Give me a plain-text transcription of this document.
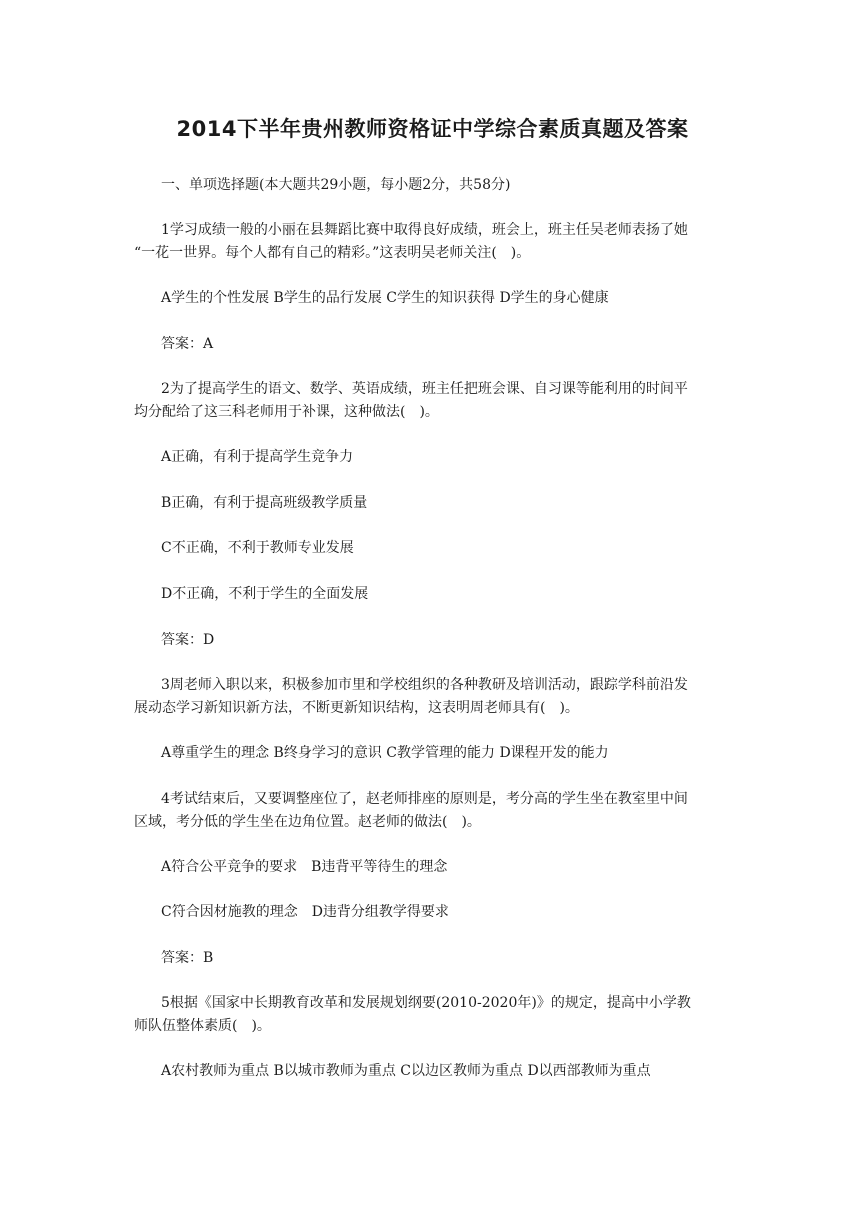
2014下半年贵州教师资格证中学综合素质真题及答案
一、单项选择题(本大题共29小题，每小题2分，共58分)
1学习成绩一般的小丽在县舞蹈比赛中取得良好成绩，班会上，班主任吴老师表扬了她
“一花一世界。每个人都有自己的精彩。”这表明吴老师关注(　)。
A学生的个性发展 B学生的品行发展 C学生的知识获得 D学生的身心健康
答案：A
2为了提高学生的语文、数学、英语成绩，班主任把班会课、自习课等能利用的时间平
均分配给了这三科老师用于补课，这种做法(　)。
A正确，有利于提高学生竞争力
B正确，有利于提高班级教学质量
C不正确，不利于教师专业发展
D不正确，不利于学生的全面发展
答案：D
3周老师入职以来，积极参加市里和学校组织的各种教研及培训活动，跟踪学科前沿发
展动态学习新知识新方法，不断更新知识结构，这表明周老师具有(　)。
A尊重学生的理念 B终身学习的意识 C教学管理的能力 D课程开发的能力
4考试结束后，又要调整座位了，赵老师排座的原则是，考分高的学生坐在教室里中间
区域，考分低的学生坐在边角位置。赵老师的做法(　)。
A符合公平竞争的要求　B违背平等待生的理念
C符合因材施教的理念　D违背分组教学得要求
答案：B
5根据《国家中长期教育改革和发展规划纲要(2010-2020年)》的规定，提高中小学教
师队伍整体素质(　)。
A农村教师为重点 B以城市教师为重点 C以边区教师为重点 D以西部教师为重点
